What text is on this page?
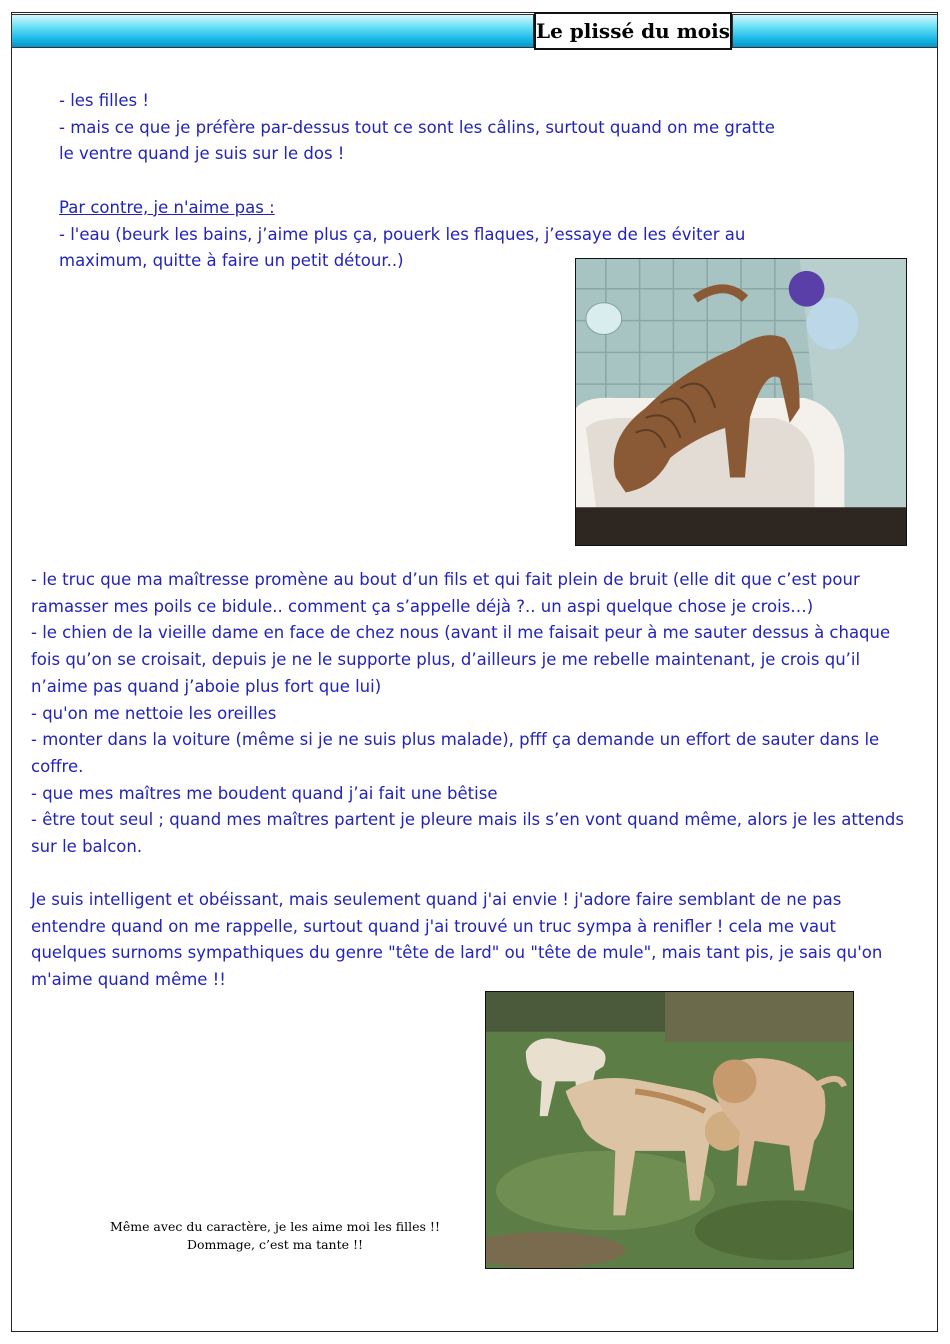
Le plissé du mois

- les filles !

- mais ce que je préfère par-dessus tout ce sont les câlins, surtout quand on me gratte le ventre quand je suis sur le dos !

Par contre, je n'aime pas :

- l'eau (beurk les bains, j’aime plus ça, pouerk les flaques, j’essaye de les éviter au maximum, quitte à faire un petit détour..)

- le truc que ma maîtresse promène au bout d’un fils et qui fait plein de bruit (elle dit que c’est pour ramasser mes poils ce bidule.. comment ça s’appelle déjà ?.. un aspi quelque chose je crois…)

- le chien de la vieille dame en face de chez nous (avant il me faisait peur à me sauter dessus à chaque fois qu’on se croisait, depuis je ne le supporte plus, d’ailleurs je me rebelle maintenant, je crois qu’il n’aime pas quand j’aboie plus fort que lui)

- qu'on me nettoie les oreilles

- monter dans la voiture (même si je ne suis plus malade), pfff ça demande un effort de sauter dans le coffre.

- que mes maîtres me boudent quand j’ai fait une bêtise

- être tout seul ; quand mes maîtres partent je pleure mais ils s’en vont quand même, alors je les attends sur le balcon.

Je suis intelligent et obéissant, mais seulement quand j'ai envie ! j'adore faire semblant de ne pas entendre quand on me rappelle, surtout quand j'ai trouvé un truc sympa à renifler ! cela me vaut quelques surnoms sympathiques du genre "tête de lard" ou "tête de mule", mais tant pis, je sais qu'on m'aime quand même !!

Même avec du caractère, je les aime moi les filles !!

Dommage, c’est ma tante !!
